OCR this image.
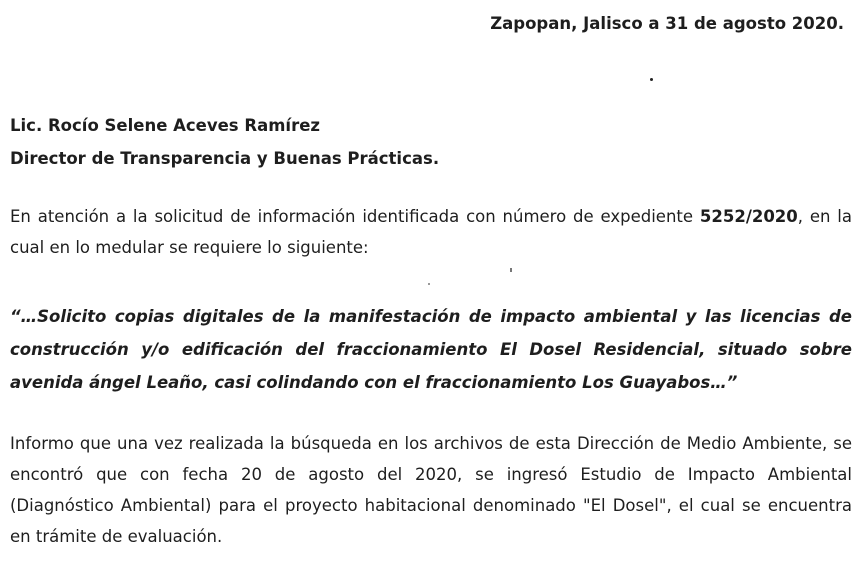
Zapopan, Jalisco a 31 de agosto 2020.
Lic. Rocío Selene Aceves Ramírez
Director de Transparencia y Buenas Prácticas.
En atención a la solicitud de información identificada con número de expediente 5252/2020, en la cual en lo medular se requiere lo siguiente:
“…Solicito copias digitales de la manifestación de impacto ambiental y las licencias de construcción y/o edificación del fraccionamiento El Dosel Residencial, situado sobre avenida ángel Leaño, casi colindando con el fraccionamiento Los Guayabos…”
Informo que una vez realizada la búsqueda en los archivos de esta Dirección de Medio Ambiente, se encontró que con fecha 20 de agosto del 2020, se ingresó Estudio de Impacto Ambiental (Diagnóstico Ambiental) para el proyecto habitacional denominado "El Dosel", el cual se encuentra en trámite de evaluación.
